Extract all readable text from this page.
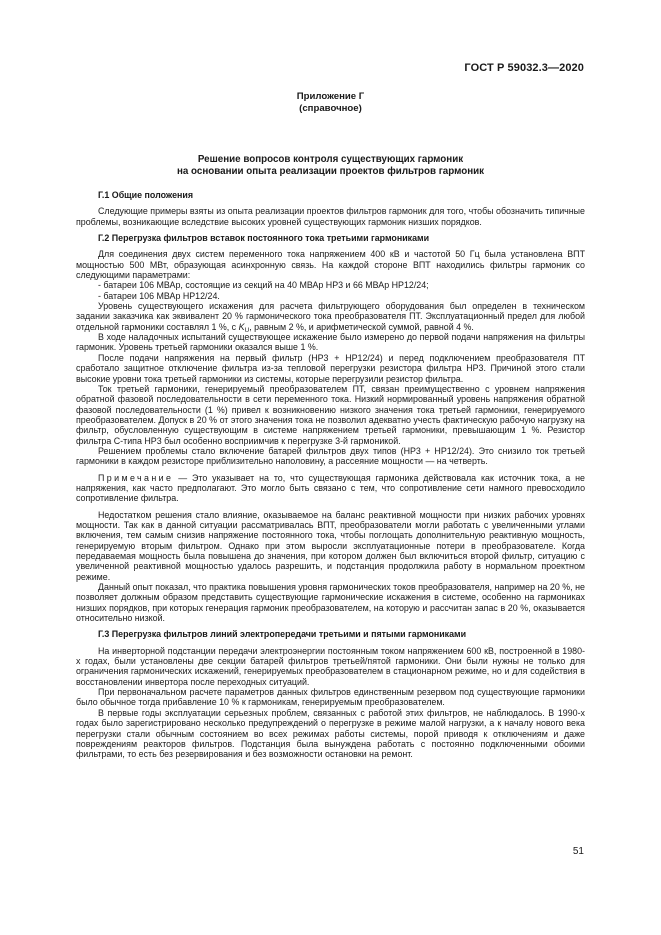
ГОСТ Р 59032.3—2020
Приложение Г
(справочное)
Решение вопросов контроля существующих гармоник
на основании опыта реализации проектов фильтров гармоник

Г.1 Общие положения

Следующие примеры взяты из опыта реализации проектов фильтров гармоник для того, чтобы обозначить типичные проблемы, возникающие вследствие высоких уровней существующих гармоник низших порядков.

Г.2 Перегрузка фильтров вставок постоянного тока третьими гармониками

Для соединения двух систем переменного тока напряжением 400 кВ и частотой 50 Гц была установлена ВПТ мощностью 500 МВт, образующая асинхронную связь. На каждой стороне ВПТ находились фильтры гармоник со следующими параметрами:

- батареи 106 МВАр, состоящие из секций на 40 МВАр НР3 и 66 МВАр НР12/24;

- батареи 106 МВАр НР12/24.

Уровень существующего искажения для расчета фильтрующего оборудования был определен в техническом задании заказчика как эквивалент 20 % гармонического тока преобразователя ПТ. Эксплуатационный предел для любой отдельной гармоники составлял 1 %, с $K_U$, равным 2 %, и арифметической суммой, равной 4 %.

В ходе наладочных испытаний существующее искажение было измерено до первой подачи напряжения на фильтры гармоник. Уровень третьей гармоники оказался выше 1 %.

После подачи напряжения на первый фильтр (НР3 + НР12/24) и перед подключением преобразователя ПТ сработало защитное отключение фильтра из-за тепловой перегрузки резистора фильтра НР3. Причиной этого стали высокие уровни тока третьей гармоники из системы, которые перегрузили резистор фильтра.

Ток третьей гармоники, генерируемый преобразователем ПТ, связан преимущественно с уровнем напряжения обратной фазовой последовательности в сети переменного тока. Низкий нормированный уровень напряжения обратной фазовой последовательности (1 %) привел к возникновению низкого значения тока третьей гармоники, генерируемого преобразователем. Допуск в 20 % от этого значения тока не позволил адекватно учесть фактическую рабочую нагрузку на фильтр, обусловленную существующим в системе напряжением третьей гармоники, превышающим 1 %. Резистор фильтра С-типа НР3 был особенно восприимчив к перегрузке 3-й гармоникой.

Решением проблемы стало включение батарей фильтров двух типов (НР3 + НР12/24). Это снизило ток третьей гармоники в каждом резисторе приблизительно наполовину, а рассеяние мощности — на четверть.

Примечание — Это указывает на то, что существующая гармоника действовала как источник тока, а не напряжения, как часто предполагают. Это могло быть связано с тем, что сопротивление сети намного превосходило сопротивление фильтра.

Недостатком решения стало влияние, оказываемое на баланс реактивной мощности при низких рабочих уровнях мощности. Так как в данной ситуации рассматривалась ВПТ, преобразователи могли работать с увеличенными углами включения, тем самым снизив напряжение постоянного тока, чтобы поглощать дополнительную реактивную мощность, генерируемую вторым фильтром. Однако при этом выросли эксплуатационные потери в преобразователе. Когда передаваемая мощность была повышена до значения, при котором должен был включиться второй фильтр, ситуацию с увеличенной реактивной мощностью удалось разрешить, и подстанция продолжила работу в нормальном проектном режиме.

Данный опыт показал, что практика повышения уровня гармонических токов преобразователя, например на 20 %, не позволяет должным образом представить существующие гармонические искажения в системе, особенно на гармониках низших порядков, при которых генерация гармоник преобразователем, на которую и рассчитан запас в 20 %, оказывается относительно низкой.

Г.3 Перегрузка фильтров линий электропередачи третьими и пятыми гармониками

На инверторной подстанции передачи электроэнергии постоянным током напряжением 600 кВ, построенной в 1980-х годах, были установлены две секции батарей фильтров третьей/пятой гармоники. Они были нужны не только для ограничения гармонических искажений, генерируемых преобразователем в стационарном режиме, но и для содействия в восстановлении инвертора после переходных ситуаций.

При первоначальном расчете параметров данных фильтров единственным резервом под существующие гармоники было обычное тогда прибавление 10 % к гармоникам, генерируемым преобразователем.

В первые годы эксплуатации серьезных проблем, связанных с работой этих фильтров, не наблюдалось. В 1990-х годах было зарегистрировано несколько предупреждений о перегрузке в режиме малой нагрузки, а к началу нового века перегрузки стали обычным состоянием во всех режимах работы системы, порой приводя к отключениям и даже повреждениям реакторов фильтров. Подстанция была вынуждена работать с постоянно подключенными обоими фильтрами, то есть без резервирования и без возможности остановки на ремонт.

51
